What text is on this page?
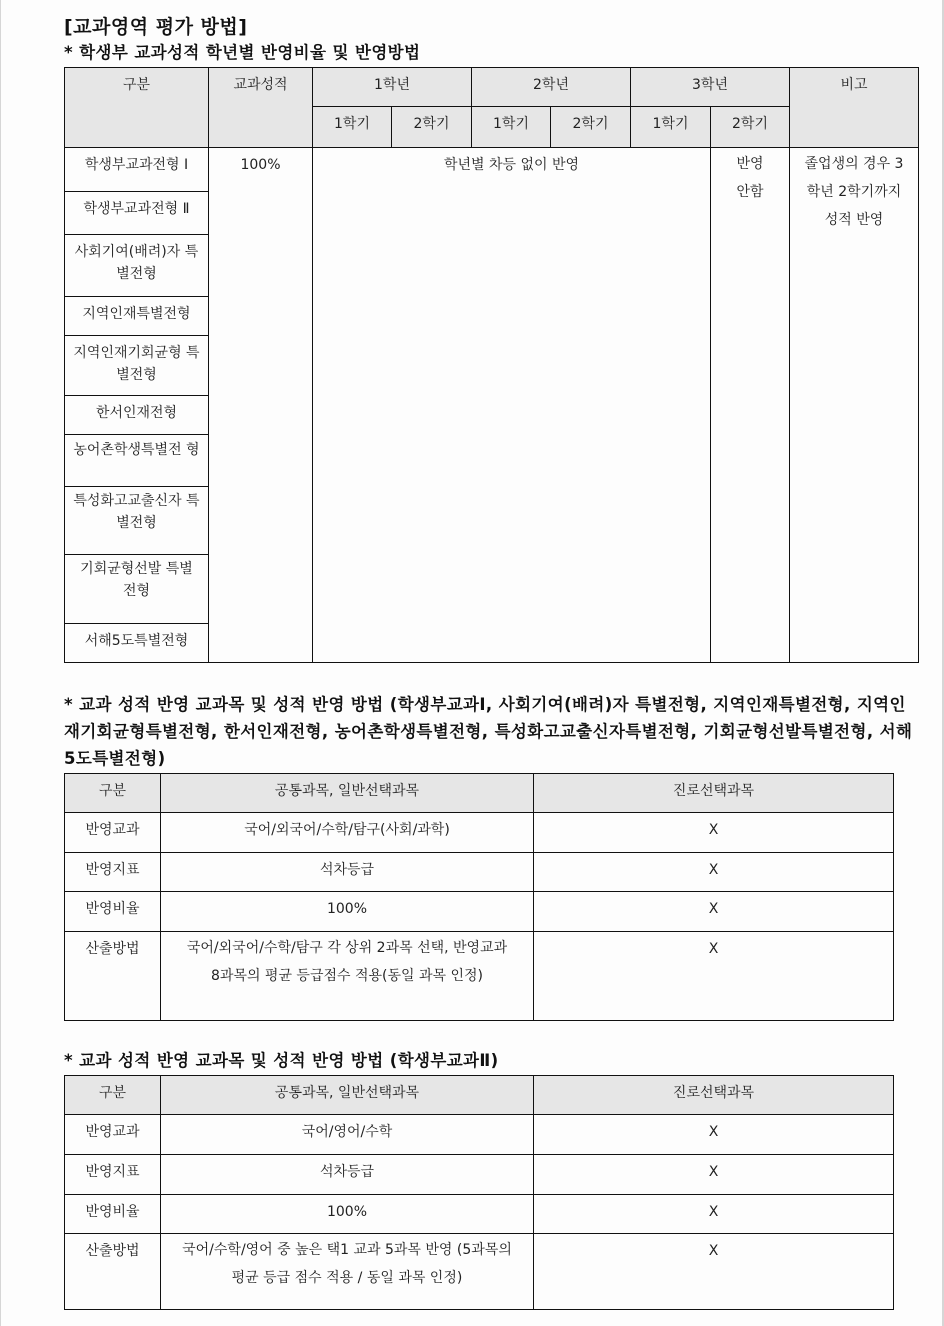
[교과영역 평가 방법]
* 학생부 교과성적 학년별 반영비율 및 반영방법
구분	교과성적	1학년		2학년		3학년		비고

		1학기	2학기	1학기	2학기	1학기	2학기	

학생부교과전형 Ⅰ	100%	학년별 차등 없이 반영					반영 안함	졸업생의 경우 3학년 2학기까지 성적 반영

학생부교과전형 Ⅱ								

사회기여(배려)자 특별전형								

지역인재특별전형								

지역인재기회균형 특별전형								

한서인재전형								

농어촌학생특별전 형								

특성화고교출신자 특별전형								

기회균형선발 특별전형								

서해5도특별전형								
* 교과 성적 반영 교과목 및 성적 반영 방법 (학생부교과Ⅰ, 사회기여(배려)자 특별전형, 지역인재특별전형, 지역인재기회균형특별전형, 한서인재전형, 농어촌학생특별전형, 특성화고교출신자특별전형, 기회균형선발특별전형, 서해5도특별전형)
구분	공통과목, 일반선택과목	진로선택과목

반영교과	국어/외국어/수학/탐구(사회/과학)	X

반영지표	석차등급	X

반영비율	100%	X

산출방법	국어/외국어/수학/탐구 각 상위 2과목 선택, 반영교과 8과목의 평균 등급점수 적용(동일 과목 인정)	X
* 교과 성적 반영 교과목 및 성적 반영 방법 (학생부교과Ⅱ)
구분	공통과목, 일반선택과목	진로선택과목

반영교과	국어/영어/수학	X

반영지표	석차등급	X

반영비율	100%	X

산출방법	국어/수학/영어 중 높은 택1 교과 5과목 반영 (5과목의 평균 등급 점수 적용 / 동일 과목 인정)	X
